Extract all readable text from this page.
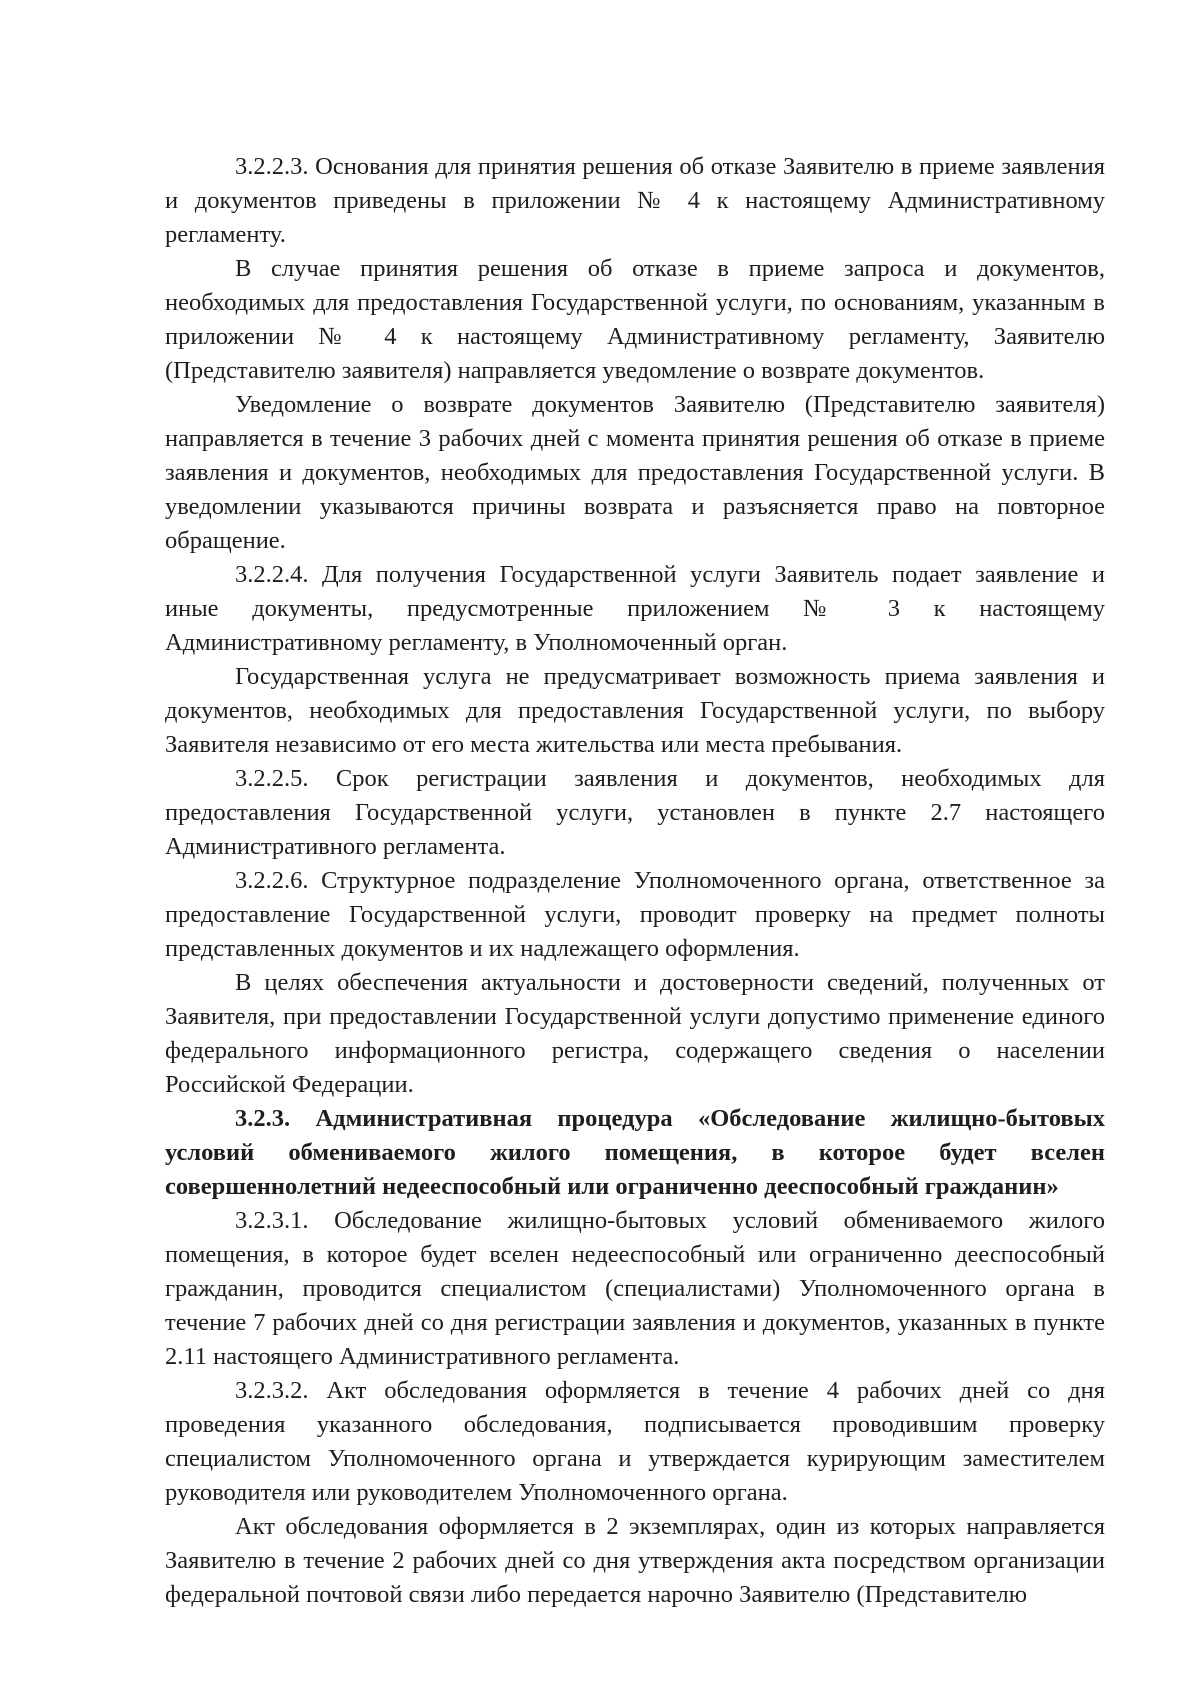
3.2.2.3. Основания для принятия решения об отказе Заявителю в приеме заявления и документов приведены в приложении № 4 к настоящему Административному регламенту.

В случае принятия решения об отказе в приеме запроса и документов, необходимых для предоставления Государственной услуги, по основаниям, указанным в приложении № 4 к настоящему Административному регламенту, Заявителю (Представителю заявителя) направляется уведомление о возврате документов.

Уведомление о возврате документов Заявителю (Представителю заявителя) направляется в течение 3 рабочих дней с момента принятия решения об отказе в приеме заявления и документов, необходимых для предоставления Государственной услуги. В уведомлении указываются причины возврата и разъясняется право на повторное обращение.

3.2.2.4. Для получения Государственной услуги Заявитель подает заявление и иные документы, предусмотренные приложением № 3 к настоящему Административному регламенту, в Уполномоченный орган.

Государственная услуга не предусматривает возможность приема заявления и документов, необходимых для предоставления Государственной услуги, по выбору Заявителя независимо от его места жительства или места пребывания.

3.2.2.5. Срок регистрации заявления и документов, необходимых для предоставления Государственной услуги, установлен в пункте 2.7 настоящего Административного регламента.

3.2.2.6. Структурное подразделение Уполномоченного органа, ответственное за предоставление Государственной услуги, проводит проверку на предмет полноты представленных документов и их надлежащего оформления.

В целях обеспечения актуальности и достоверности сведений, полученных от Заявителя, при предоставлении Государственной услуги допустимо применение единого федерального информационного регистра, содержащего сведения о населении Российской Федерации.

3.2.3. Административная процедура «Обследование жилищно-бытовых условий обмениваемого жилого помещения, в которое будет вселен совершеннолетний недееспособный или ограниченно дееспособный гражданин»

3.2.3.1. Обследование жилищно-бытовых условий обмениваемого жилого помещения, в которое будет вселен недееспособный или ограниченно дееспособный гражданин, проводится специалистом (специалистами) Уполномоченного органа в течение 7 рабочих дней со дня регистрации заявления и документов, указанных в пункте 2.11 настоящего Административного регламента.

3.2.3.2. Акт обследования оформляется в течение 4 рабочих дней со дня проведения указанного обследования, подписывается проводившим проверку специалистом Уполномоченного органа и утверждается курирующим заместителем руководителя или руководителем Уполномоченного органа.

Акт обследования оформляется в 2 экземплярах, один из которых направляется Заявителю в течение 2 рабочих дней со дня утверждения акта посредством организации федеральной почтовой связи либо передается нарочно Заявителю (Представителю
